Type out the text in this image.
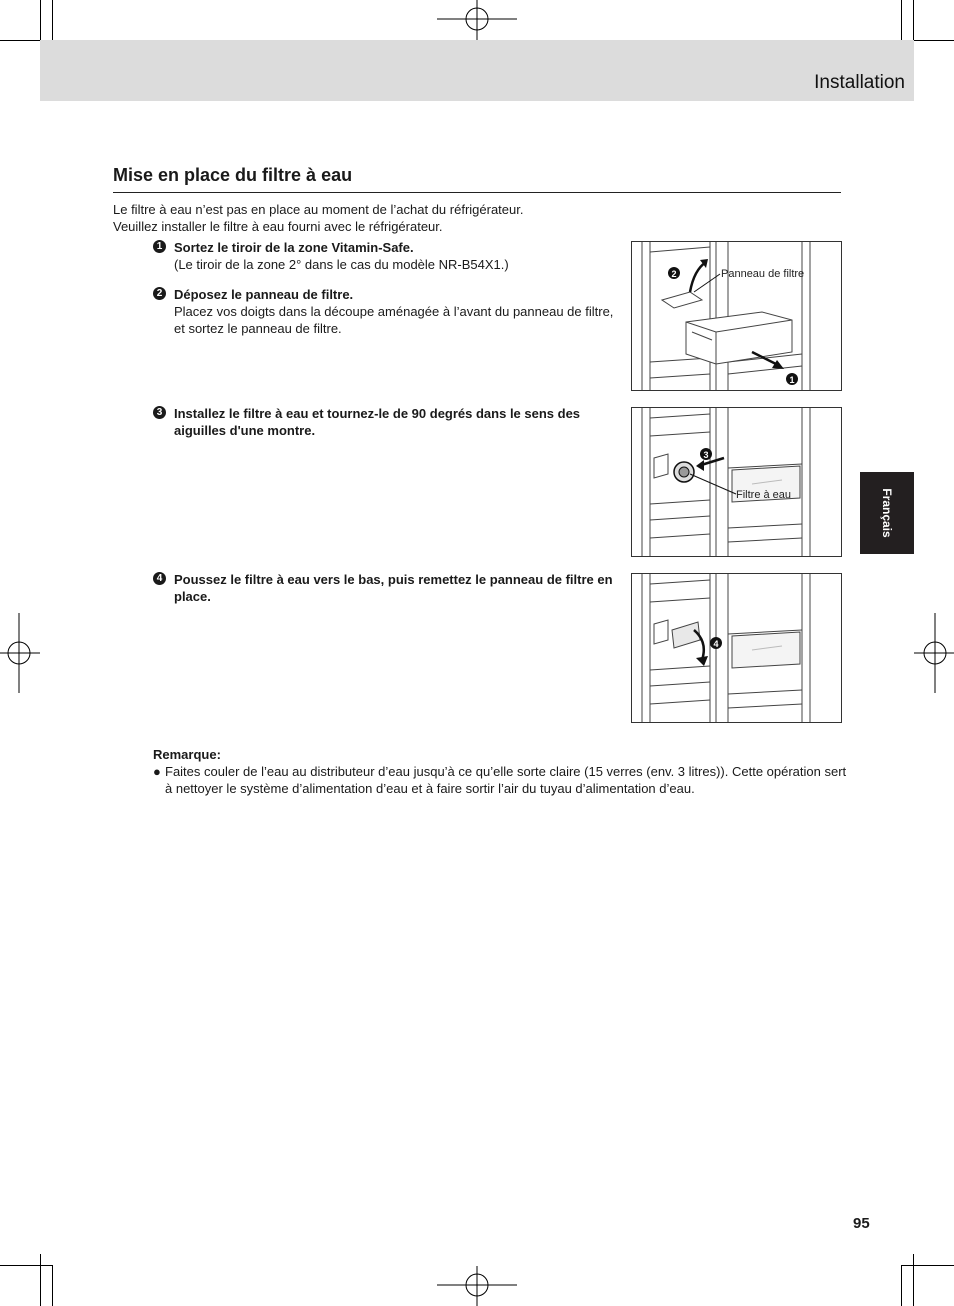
Installation
Français
Mise en place du filtre à eau
Le filtre à eau n’est pas en place au moment de l’achat du réfrigérateur.
Veuillez installer le filtre à eau fourni avec le réfrigérateur.
1 Sortez le tiroir de la zone Vitamin-Safe.
(Le tiroir de la zone 2° dans le cas du modèle NR-B54X1.)
2 Déposez le panneau de filtre.
Placez vos doigts dans la découpe aménagée à l’avant du panneau de filtre, et sortez le panneau de filtre.
3 Installez le filtre à eau et tournez-le de 90 degrés dans le sens des aiguilles d'une montre.
4 Poussez le filtre à eau vers le bas, puis remettez le panneau de filtre en place.
2
1
Panneau de filtre
3
Filtre à eau
4
Remarque:
● Faites couler de l’eau au distributeur d’eau jusqu’à ce qu’elle sorte claire (15 verres (env. 3 litres)). Cette opération sert à nettoyer le système d’alimentation d’eau et à faire sortir l’air du tuyau d’alimentation d’eau.
95
